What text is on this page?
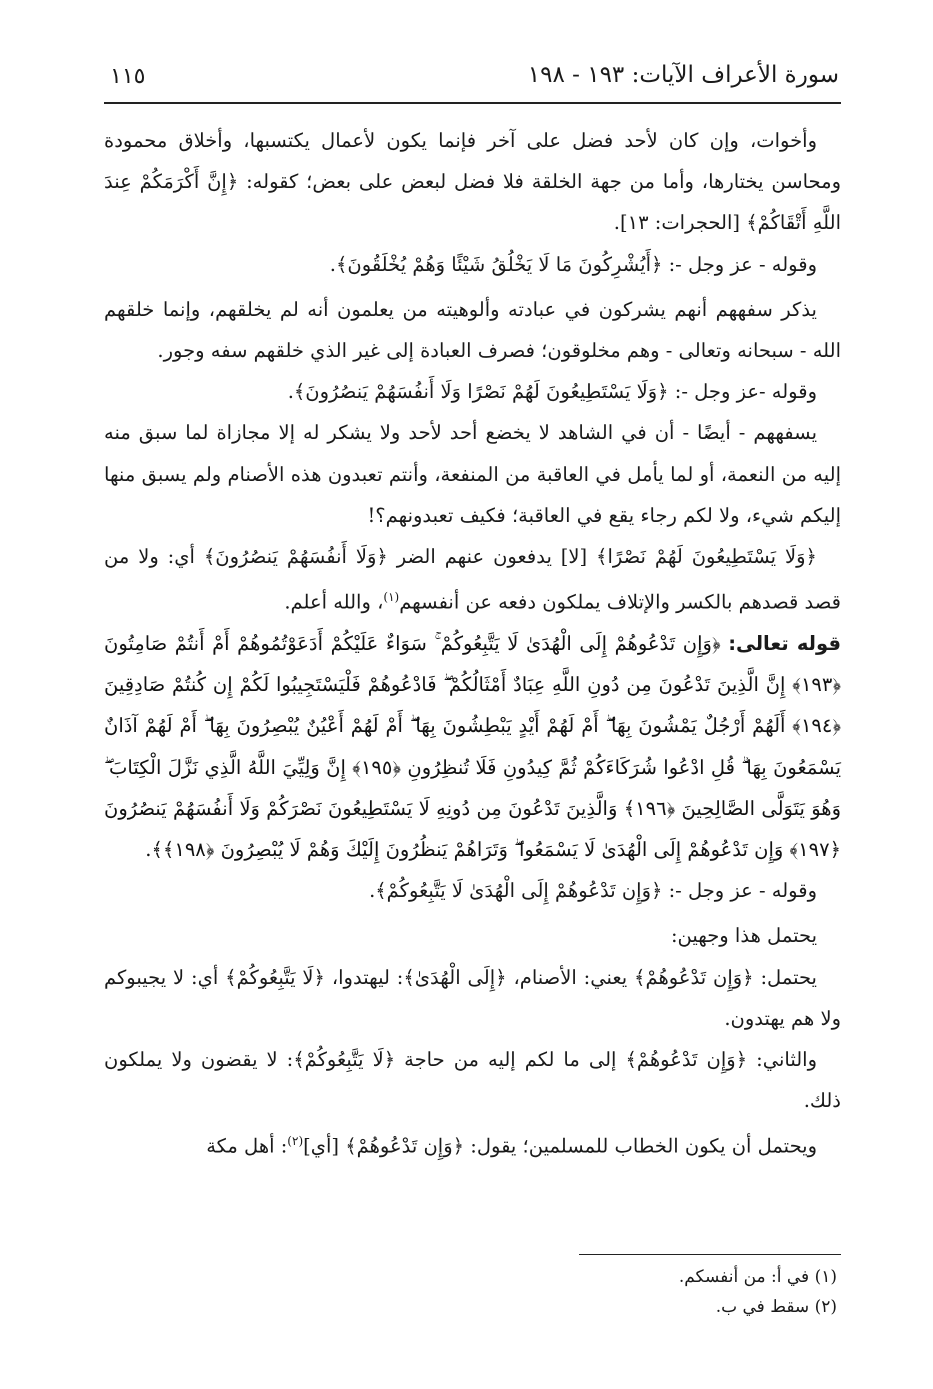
١١٥	سورة الأعراف الآيات: ١٩٣ - ١٩٨

وأخوات، وإن كان لأحد فضل على آخر فإنما يكون لأعمال يكتسبها، وأخلاق محمودة ومحاسن يختارها، وأما من جهة الخلقة فلا فضل لبعض على بعض؛ كقوله: ﴿إِنَّ أَكْرَمَكُمْ عِندَ اللَّهِ أَتْقَاكُمْ﴾ [الحجرات: ١٣].

وقوله - عز وجل -: ﴿أَيُشْرِكُونَ مَا لَا يَخْلُقُ شَيْئًا وَهُمْ يُخْلَقُونَ﴾.

يذكر سفههم أنهم يشركون في عبادته وألوهيته من يعلمون أنه لم يخلقهم، وإنما خلقهم الله - سبحانه وتعالى - وهم مخلوقون؛ فصرف العبادة إلى غير الذي خلقهم سفه وجور.

وقوله -عز وجل -: ﴿وَلَا يَسْتَطِيعُونَ لَهُمْ نَصْرًا وَلَا أَنفُسَهُمْ يَنصُرُونَ﴾.

يسفههم - أيضًا - أن في الشاهد لا يخضع أحد لأحد ولا يشكر له إلا مجازاة لما سبق منه إليه من النعمة، أو لما يأمل في العاقبة من المنفعة، وأنتم تعبدون هذه الأصنام ولم يسبق منها إليكم شيء، ولا لكم رجاء يقع في العاقبة؛ فكيف تعبدونهم؟!

﴿وَلَا يَسْتَطِيعُونَ لَهُمْ نَصْرًا﴾ [لا] يدفعون عنهم الضر ﴿وَلَا أَنفُسَهُمْ يَنصُرُونَ﴾ أي: ولا من قصد قصدهم بالكسر والإتلاف يملكون دفعه عن أنفسهم$^{(١)}$، والله أعلم.

قوله تعالى: ﴿وَإِن تَدْعُوهُمْ إِلَى الْهُدَىٰ لَا يَتَّبِعُوكُمْ ۚ سَوَاءٌ عَلَيْكُمْ أَدَعَوْتُمُوهُمْ أَمْ أَنتُمْ صَامِتُونَ ﴿١٩٣﴾ إِنَّ الَّذِينَ تَدْعُونَ مِن دُونِ اللَّهِ عِبَادٌ أَمْثَالُكُمْ ۖ فَادْعُوهُمْ فَلْيَسْتَجِيبُوا لَكُمْ إِن كُنتُمْ صَادِقِينَ ﴿١٩٤﴾ أَلَهُمْ أَرْجُلٌ يَمْشُونَ بِهَا ۖ أَمْ لَهُمْ أَيْدٍ يَبْطِشُونَ بِهَا ۖ أَمْ لَهُمْ أَعْيُنٌ يُبْصِرُونَ بِهَا ۖ أَمْ لَهُمْ آذَانٌ يَسْمَعُونَ بِهَا ۗ قُلِ ادْعُوا شُرَكَاءَكُمْ ثُمَّ كِيدُونِ فَلَا تُنظِرُونِ ﴿١٩٥﴾ إِنَّ وَلِيِّيَ اللَّهُ الَّذِي نَزَّلَ الْكِتَابَ ۖ وَهُوَ يَتَوَلَّى الصَّالِحِينَ ﴿١٩٦﴾ وَالَّذِينَ تَدْعُونَ مِن دُونِهِ لَا يَسْتَطِيعُونَ نَصْرَكُمْ وَلَا أَنفُسَهُمْ يَنصُرُونَ ﴿١٩٧﴾ وَإِن تَدْعُوهُمْ إِلَى الْهُدَىٰ لَا يَسْمَعُوا ۖ وَتَرَاهُمْ يَنظُرُونَ إِلَيْكَ وَهُمْ لَا يُبْصِرُونَ ﴿١٩٨﴾﴾.

وقوله - عز وجل -: ﴿وَإِن تَدْعُوهُمْ إِلَى الْهُدَىٰ لَا يَتَّبِعُوكُمْ﴾.

يحتمل هذا وجهين:

يحتمل: ﴿وَإِن تَدْعُوهُمْ﴾ يعني: الأصنام، ﴿إِلَى الْهُدَىٰ﴾: ليهتدوا، ﴿لَا يَتَّبِعُوكُمْ﴾ أي: لا يجيبوكم ولا هم يهتدون.

والثاني: ﴿وَإِن تَدْعُوهُمْ﴾ إلى ما لكم إليه من حاجة ﴿لَا يَتَّبِعُوكُمْ﴾: لا يقضون ولا يملكون ذلك.

ويحتمل أن يكون الخطاب للمسلمين؛ يقول: ﴿وَإِن تَدْعُوهُمْ﴾ [أي]$^{(٢)}$: أهل مكة

(١) في أ: من أنفسكم.

(٢) سقط في ب.
